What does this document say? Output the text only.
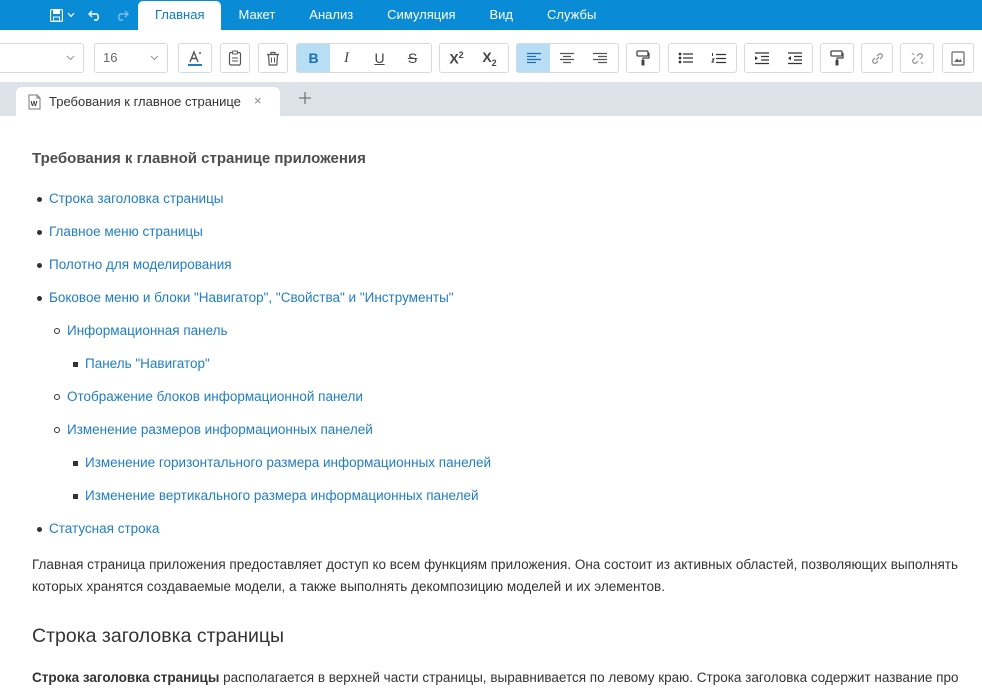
Главная	Макет	Анализ	Симуляция	Вид	Службы
16	B I U S $X^2$ $X_2$
W Требования к главное странице ×
Требования к главной странице приложения
Строка заголовка страницы
Главное меню страницы
Полотно для моделирования
Боковое меню и блоки "Навигатор", "Свойства" и "Инструменты"
Информационная панель
Панель "Навигатор"
Отображение блоков информационной панели
Изменение размеров информационных панелей
Изменение горизонтального размера информационных панелей
Изменение вертикального размера информационных панелей
Статусная строка
Главная страница приложения предоставляет доступ ко всем функциям приложения. Она состоит из активных областей, позволяющих выполнять
которых хранятся создаваемые модели, а также выполнять декомпозицию моделей и их элементов.
Строка заголовка страницы
Строка заголовка страницы располагается в верхней части страницы, выравнивается по левому краю. Строка заголовка содержит название про
